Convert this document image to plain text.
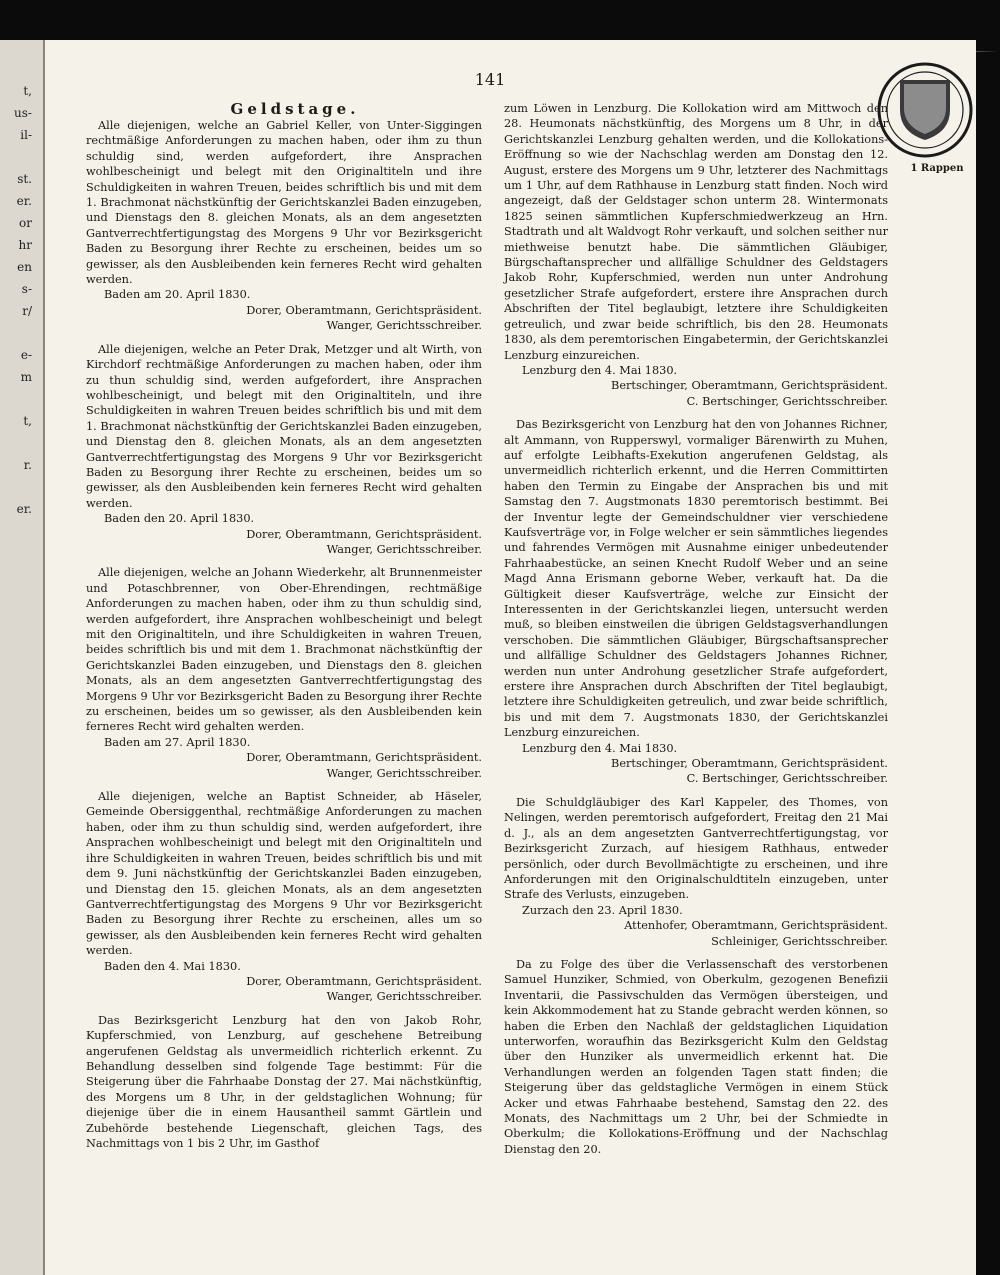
t,
us-
il-

st.
er.
or
hr
en
s-
r/

e-
m

t,

r.

er.
1 Rappen
141
Geldstage.

Alle diejenigen, welche an Gabriel Keller, von Unter-Siggingen rechtmäßige Anforderungen zu machen haben, oder ihm zu thun schuldig sind, werden aufgefordert, ihre Ansprachen wohlbescheinigt und belegt mit den Originaltiteln und ihre Schuldigkeiten in wahren Treuen, beides schriftlich bis und mit dem 1. Brachmonat nächstkünftig der Gerichtskanzlei Baden einzugeben, und Dienstags den 8. gleichen Monats, als an dem angesetzten Gantverrechtfertigungstag des Morgens 9 Uhr vor Bezirksgericht Baden zu Besorgung ihrer Rechte zu erscheinen, beides um so gewisser, als den Ausbleibenden kein ferneres Recht wird gehalten werden.

Baden am 20. April 1830.

Dorer, Oberamtmann, Gerichtspräsident.

Wanger, Gerichtsschreiber.

Alle diejenigen, welche an Peter Drak, Metzger und alt Wirth, von Kirchdorf rechtmäßige Anforderungen zu machen haben, oder ihm zu thun schuldig sind, werden aufgefordert, ihre Ansprachen wohlbescheinigt, und belegt mit den Originaltiteln, und ihre Schuldigkeiten in wahren Treuen beides schriftlich bis und mit dem 1. Brachmonat nächstkünftig der Gerichtskanzlei Baden einzugeben, und Dienstag den 8. gleichen Monats, als an dem angesetzten Gantverrechtfertigungstag des Morgens 9 Uhr vor Bezirksgericht Baden zu Besorgung ihrer Rechte zu erscheinen, beides um so gewisser, als den Ausbleibenden kein ferneres Recht wird gehalten werden.

Baden den 20. April 1830.

Dorer, Oberamtmann, Gerichtspräsident.

Wanger, Gerichtsschreiber.

Alle diejenigen, welche an Johann Wiederkehr, alt Brunnenmeister und Potaschbrenner, von Ober-Ehrendingen, rechtmäßige Anforderungen zu machen haben, oder ihm zu thun schuldig sind, werden aufgefordert, ihre Ansprachen wohlbescheinigt und belegt mit den Originaltiteln, und ihre Schuldigkeiten in wahren Treuen, beides schriftlich bis und mit dem 1. Brachmonat nächstkünftig der Gerichtskanzlei Baden einzugeben, und Dienstags den 8. gleichen Monats, als an dem angesetzten Gantverrechtfertigungstag des Morgens 9 Uhr vor Bezirksgericht Baden zu Besorgung ihrer Rechte zu erscheinen, beides um so gewisser, als den Ausbleibenden kein ferneres Recht wird gehalten werden.

Baden am 27. April 1830.

Dorer, Oberamtmann, Gerichtspräsident.

Wanger, Gerichtsschreiber.

Alle diejenigen, welche an Baptist Schneider, ab Häseler, Gemeinde Obersiggenthal, rechtmäßige Anforderungen zu machen haben, oder ihm zu thun schuldig sind, werden aufgefordert, ihre Ansprachen wohlbescheinigt und belegt mit den Originaltiteln und ihre Schuldigkeiten in wahren Treuen, beides schriftlich bis und mit dem 9. Juni nächstkünftig der Gerichtskanzlei Baden einzugeben, und Dienstag den 15. gleichen Monats, als an dem angesetzten Gantverrechtfertigungstag des Morgens 9 Uhr vor Bezirksgericht Baden zu Besorgung ihrer Rechte zu erscheinen, alles um so gewisser, als den Ausbleibenden kein ferneres Recht wird gehalten werden.

Baden den 4. Mai 1830.

Dorer, Oberamtmann, Gerichtspräsident.

Wanger, Gerichtsschreiber.

Das Bezirksgericht Lenzburg hat den von Jakob Rohr, Kupferschmied, von Lenzburg, auf geschehene Betreibung angerufenen Geldstag als unvermeidlich richterlich erkennt. Zu Behandlung desselben sind folgende Tage bestimmt: Für die Steigerung über die Fahrhaabe Donstag der 27. Mai nächstkünftig, des Morgens um 8 Uhr, in der geldstaglichen Wohnung; für diejenige über die in einem Hausantheil sammt Gärtlein und Zubehörde bestehende Liegenschaft, gleichen Tags, des Nachmittags von 1 bis 2 Uhr, im Gasthof

zum Löwen in Lenzburg. Die Kollokation wird am Mittwoch den 28. Heumonats nächstkünftig, des Morgens um 8 Uhr, in der Gerichtskanzlei Lenzburg gehalten werden, und die Kollokations-Eröffnung so wie der Nachschlag werden am Donstag den 12. August, erstere des Morgens um 9 Uhr, letzterer des Nachmittags um 1 Uhr, auf dem Rathhause in Lenzburg statt finden. Noch wird angezeigt, daß der Geldstager schon unterm 28. Wintermonats 1825 seinen sämmtlichen Kupferschmiedwerkzeug an Hrn. Stadtrath und alt Waldvogt Rohr verkauft, und solchen seither nur miethweise benutzt habe. Die sämmtlichen Gläubiger, Bürgschaftansprecher und allfällige Schuldner des Geldstagers Jakob Rohr, Kupferschmied, werden nun unter Androhung gesetzlicher Strafe aufgefordert, erstere ihre Ansprachen durch Abschriften der Titel beglaubigt, letztere ihre Schuldigkeiten getreulich, und zwar beide schriftlich, bis den 28. Heumonats 1830, als dem peremtorischen Eingabetermin, der Gerichtskanzlei Lenzburg einzureichen.

Lenzburg den 4. Mai 1830.

Bertschinger, Oberamtmann, Gerichtspräsident.

C. Bertschinger, Gerichtsschreiber.

Das Bezirksgericht von Lenzburg hat den von Johannes Richner, alt Ammann, von Rupperswyl, vormaliger Bärenwirth zu Muhen, auf erfolgte Leibhafts-Exekution angerufenen Geldstag, als unvermeidlich richterlich erkennt, und die Herren Committirten haben den Termin zu Eingabe der Ansprachen bis und mit Samstag den 7. Augstmonats 1830 peremtorisch bestimmt. Bei der Inventur legte der Gemeindschuldner vier verschiedene Kaufsverträge vor, in Folge welcher er sein sämmtliches liegendes und fahrendes Vermögen mit Ausnahme einiger unbedeutender Fahrhaabestücke, an seinen Knecht Rudolf Weber und an seine Magd Anna Erismann geborne Weber, verkauft hat. Da die Gültigkeit dieser Kaufsverträge, welche zur Einsicht der Interessenten in der Gerichtskanzlei liegen, untersucht werden muß, so bleiben einstweilen die übrigen Geldstagsverhandlungen verschoben. Die sämmtlichen Gläubiger, Bürgschaftsansprecher und allfällige Schuldner des Geldstagers Johannes Richner, werden nun unter Androhung gesetzlicher Strafe aufgefordert, erstere ihre Ansprachen durch Abschriften der Titel beglaubigt, letztere ihre Schuldigkeiten getreulich, und zwar beide schriftlich, bis und mit dem 7. Augstmonats 1830, der Gerichtskanzlei Lenzburg einzureichen.

Lenzburg den 4. Mai 1830.

Bertschinger, Oberamtmann, Gerichtspräsident.

C. Bertschinger, Gerichtsschreiber.

Die Schuldgläubiger des Karl Kappeler, des Thomes, von Nelingen, werden peremtorisch aufgefordert, Freitag den 21 Mai d. J., als an dem angesetzten Gantverrechtfertigungstag, vor Bezirksgericht Zurzach, auf hiesigem Rathhaus, entweder persönlich, oder durch Bevollmächtigte zu erscheinen, und ihre Anforderungen mit den Originalschuldtiteln einzugeben, unter Strafe des Verlusts, einzugeben.

Zurzach den 23. April 1830.

Attenhofer, Oberamtmann, Gerichtspräsident.

Schleiniger, Gerichtsschreiber.

Da zu Folge des über die Verlassenschaft des verstorbenen Samuel Hunziker, Schmied, von Oberkulm, gezogenen Benefizii Inventarii, die Passivschulden das Vermögen übersteigen, und kein Akkommodement hat zu Stande gebracht werden können, so haben die Erben den Nachlaß der geldstaglichen Liquidation unterworfen, woraufhin das Bezirksgericht Kulm den Geldstag über den Hunziker als unvermeidlich erkennt hat. Die Verhandlungen werden an folgenden Tagen statt finden; die Steigerung über das geldstagliche Vermögen in einem Stück Acker und etwas Fahrhaabe bestehend, Samstag den 22. des Monats, des Nachmittags um 2 Uhr, bei der Schmiedte in Oberkulm; die Kollokations-Eröffnung und der Nachschlag Dienstag den 20.
